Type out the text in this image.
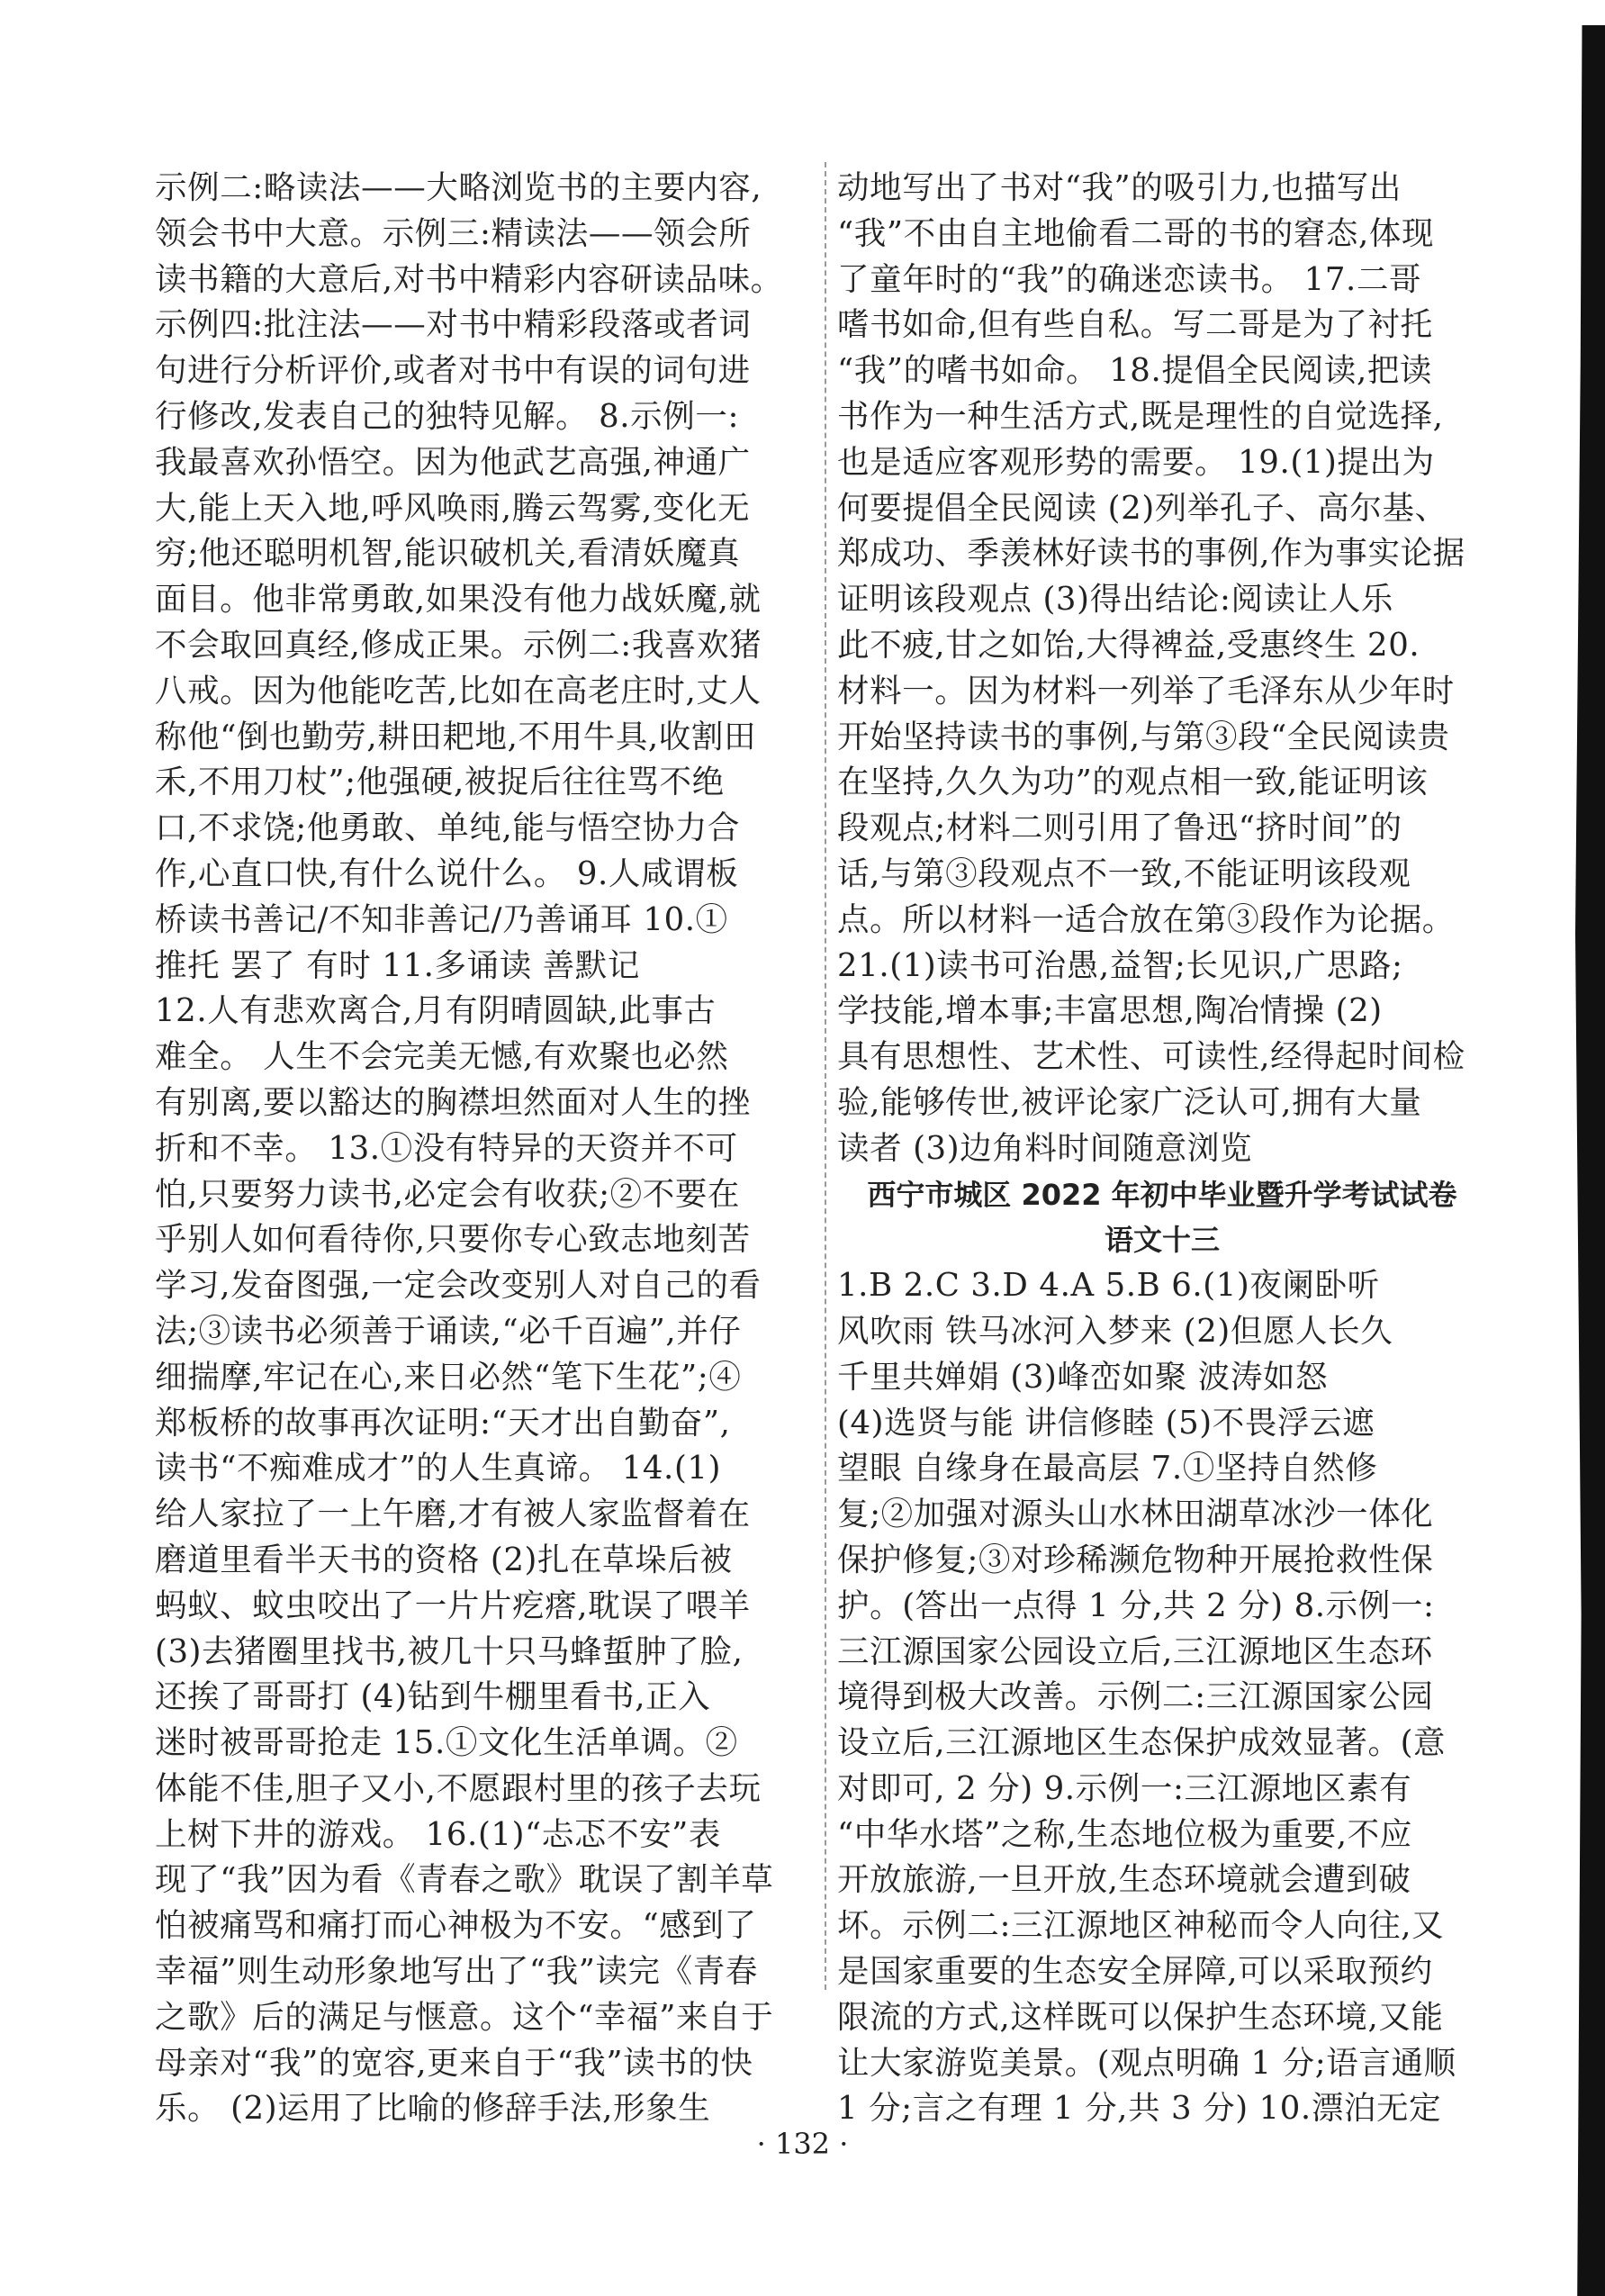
示例二:略读法——大略浏览书的主要内容,
领会书中大意。示例三:精读法——领会所
读书籍的大意后,对书中精彩内容研读品味。
示例四:批注法——对书中精彩段落或者词
句进行分析评价,或者对书中有误的词句进
行修改,发表自己的独特见解。 8.示例一:
我最喜欢孙悟空。因为他武艺高强,神通广
大,能上天入地,呼风唤雨,腾云驾雾,变化无
穷;他还聪明机智,能识破机关,看清妖魔真
面目。他非常勇敢,如果没有他力战妖魔,就
不会取回真经,修成正果。示例二:我喜欢猪
八戒。因为他能吃苦,比如在高老庄时,丈人
称他“倒也勤劳,耕田耙地,不用牛具,收割田
禾,不用刀杖”;他强硬,被捉后往往骂不绝
口,不求饶;他勇敢、单纯,能与悟空协力合
作,心直口快,有什么说什么。 9.人咸谓板
桥读书善记/不知非善记/乃善诵耳 10.①
推托 罢了 有时 11.多诵读 善默记
12.人有悲欢离合,月有阴晴圆缺,此事古
难全。 人生不会完美无憾,有欢聚也必然
有别离,要以豁达的胸襟坦然面对人生的挫
折和不幸。 13.①没有特异的天资并不可
怕,只要努力读书,必定会有收获;②不要在
乎别人如何看待你,只要你专心致志地刻苦
学习,发奋图强,一定会改变别人对自己的看
法;③读书必须善于诵读,“必千百遍”,并仔
细揣摩,牢记在心,来日必然“笔下生花”;④
郑板桥的故事再次证明:“天才出自勤奋”,
读书“不痴难成才”的人生真谛。 14.(1)
给人家拉了一上午磨,才有被人家监督着在
磨道里看半天书的资格 (2)扎在草垛后被
蚂蚁、蚊虫咬出了一片片疙瘩,耽误了喂羊
(3)去猪圈里找书,被几十只马蜂蜇肿了脸,
还挨了哥哥打 (4)钻到牛棚里看书,正入
迷时被哥哥抢走 15.①文化生活单调。②
体能不佳,胆子又小,不愿跟村里的孩子去玩
上树下井的游戏。 16.(1)“忐忑不安”表
现了“我”因为看《青春之歌》耽误了割羊草
怕被痛骂和痛打而心神极为不安。“感到了
幸福”则生动形象地写出了“我”读完《青春
之歌》后的满足与惬意。这个“幸福”来自于
母亲对“我”的宽容,更来自于“我”读书的快
乐。 (2)运用了比喻的修辞手法,形象生
动地写出了书对“我”的吸引力,也描写出
“我”不由自主地偷看二哥的书的窘态,体现
了童年时的“我”的确迷恋读书。 17.二哥
嗜书如命,但有些自私。写二哥是为了衬托
“我”的嗜书如命。 18.提倡全民阅读,把读
书作为一种生活方式,既是理性的自觉选择,
也是适应客观形势的需要。 19.(1)提出为
何要提倡全民阅读 (2)列举孔子、高尔基、
郑成功、季羡林好读书的事例,作为事实论据
证明该段观点 (3)得出结论:阅读让人乐
此不疲,甘之如饴,大得裨益,受惠终生 20.
材料一。因为材料一列举了毛泽东从少年时
开始坚持读书的事例,与第③段“全民阅读贵
在坚持,久久为功”的观点相一致,能证明该
段观点;材料二则引用了鲁迅“挤时间”的
话,与第③段观点不一致,不能证明该段观
点。所以材料一适合放在第③段作为论据。
21.(1)读书可治愚,益智;长见识,广思路;
学技能,增本事;丰富思想,陶冶情操 (2)
具有思想性、艺术性、可读性,经得起时间检
验,能够传世,被评论家广泛认可,拥有大量
读者 (3)边角料时间随意浏览
西宁市城区 2022 年初中毕业暨升学考试试卷
语文十三
1.B 2.C 3.D 4.A 5.B 6.(1)夜阑卧听
风吹雨 铁马冰河入梦来 (2)但愿人长久
千里共婵娟 (3)峰峦如聚 波涛如怒
(4)选贤与能 讲信修睦 (5)不畏浮云遮
望眼 自缘身在最高层 7.①坚持自然修
复;②加强对源头山水林田湖草冰沙一体化
保护修复;③对珍稀濒危物种开展抢救性保
护。(答出一点得 1 分,共 2 分) 8.示例一:
三江源国家公园设立后,三江源地区生态环
境得到极大改善。示例二:三江源国家公园
设立后,三江源地区生态保护成效显著。(意
对即可, 2 分) 9.示例一:三江源地区素有
“中华水塔”之称,生态地位极为重要,不应
开放旅游,一旦开放,生态环境就会遭到破
坏。示例二:三江源地区神秘而令人向往,又
是国家重要的生态安全屏障,可以采取预约
限流的方式,这样既可以保护生态环境,又能
让大家游览美景。(观点明确 1 分;语言通顺
1 分;言之有理 1 分,共 3 分) 10.漂泊无定
· 132 ·
